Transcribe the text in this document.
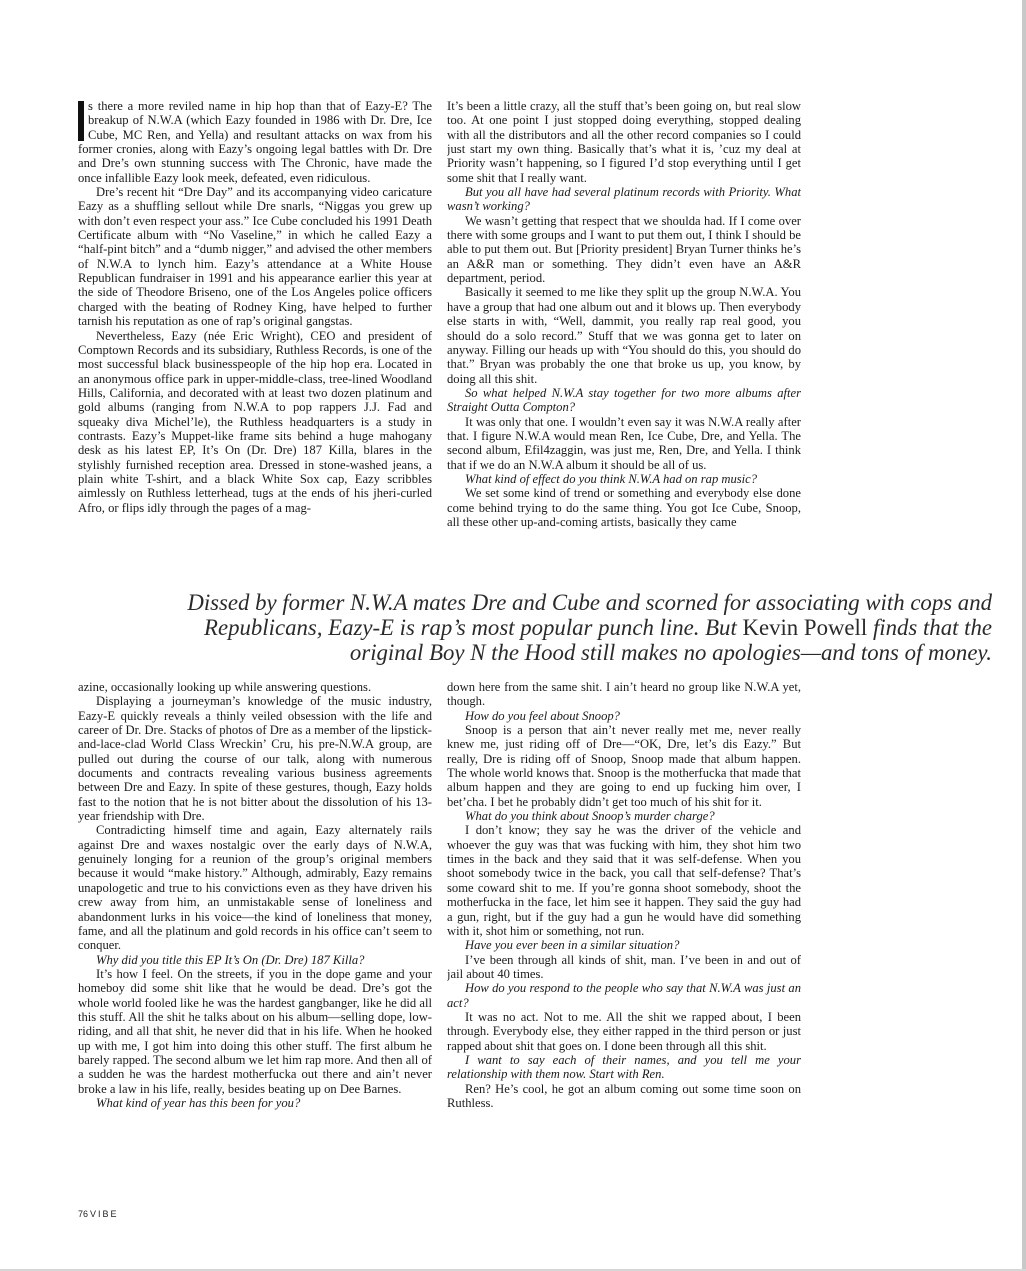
s there a more reviled name in hip hop than that of Eazy-E? The breakup of N.W.A (which Eazy founded in 1986 with Dr. Dre, Ice Cube, MC Ren, and Yella) and resultant attacks on wax from his former cronies, along with Eazy’s ongoing legal battles with Dr. Dre and Dre’s own stunning success with The Chronic, have made the once infallible Eazy look meek, defeated, even ridiculous.

Dre’s recent hit “Dre Day” and its accompanying video caricature Eazy as a shuffling sellout while Dre snarls, “Niggas you grew up with don’t even respect your ass.” Ice Cube concluded his 1991 Death Certificate album with “No Vaseline,” in which he called Eazy a “half-pint bitch” and a “dumb nigger,” and advised the other members of N.W.A to lynch him. Eazy’s attendance at a White House Republican fundraiser in 1991 and his appearance earlier this year at the side of Theodore Briseno, one of the Los Angeles police officers charged with the beating of Rodney King, have helped to further tarnish his reputation as one of rap’s original gangstas.

Nevertheless, Eazy (née Eric Wright), CEO and president of Comptown Records and its subsidiary, Ruthless Records, is one of the most successful black businesspeople of the hip hop era. Located in an anonymous office park in upper-middle-class, tree-lined Woodland Hills, California, and decorated with at least two dozen platinum and gold albums (ranging from N.W.A to pop rappers J.J. Fad and squeaky diva Michel’le), the Ruthless headquarters is a study in contrasts. Eazy’s Muppet-like frame sits behind a huge mahogany desk as his latest EP, It’s On (Dr. Dre) 187 Killa, blares in the stylishly furnished reception area. Dressed in stone-washed jeans, a plain white T-shirt, and a black White Sox cap, Eazy scribbles aimlessly on Ruthless letterhead, tugs at the ends of his jheri-curled Afro, or flips idly through the pages of a mag-

It’s been a little crazy, all the stuff that’s been going on, but real slow too. At one point I just stopped doing everything, stopped dealing with all the distributors and all the other record companies so I could just start my own thing. Basically that’s what it is, ’cuz my deal at Priority wasn’t happening, so I figured I’d stop everything until I get some shit that I really want.

But you all have had several platinum records with Priority. What wasn’t working?

We wasn’t getting that respect that we shoulda had. If I come over there with some groups and I want to put them out, I think I should be able to put them out. But [Priority president] Bryan Turner thinks he’s an A&R man or something. They didn’t even have an A&R department, period.

Basically it seemed to me like they split up the group N.W.A. You have a group that had one album out and it blows up. Then everybody else starts in with, “Well, dammit, you really rap real good, you should do a solo record.” Stuff that we was gonna get to later on anyway. Filling our heads up with “You should do this, you should do that.” Bryan was probably the one that broke us up, you know, by doing all this shit.

So what helped N.W.A stay together for two more albums after Straight Outta Compton?

It was only that one. I wouldn’t even say it was N.W.A really after that. I figure N.W.A would mean Ren, Ice Cube, Dre, and Yella. The second album, Efil4zaggin, was just me, Ren, Dre, and Yella. I think that if we do an N.W.A album it should be all of us.

What kind of effect do you think N.W.A had on rap music?

We set some kind of trend or something and everybody else done come behind trying to do the same thing. You got Ice Cube, Snoop, all these other up-and-coming artists, basically they came

Dissed by former N.W.A mates Dre and Cube and scorned for associating with cops and Republicans, Eazy-E is rap’s most popular punch line. But Kevin Powell finds that the original Boy N the Hood still makes no apologies—and tons of money.

azine, occasionally looking up while answering questions.

Displaying a journeyman’s knowledge of the music industry, Eazy-E quickly reveals a thinly veiled obsession with the life and career of Dr. Dre. Stacks of photos of Dre as a member of the lipstick-and-lace-clad World Class Wreckin’ Cru, his pre-N.W.A group, are pulled out during the course of our talk, along with numerous documents and contracts revealing various business agreements between Dre and Eazy. In spite of these gestures, though, Eazy holds fast to the notion that he is not bitter about the dissolution of his 13-year friendship with Dre.

Contradicting himself time and again, Eazy alternately rails against Dre and waxes nostalgic over the early days of N.W.A, genuinely longing for a reunion of the group’s original members because it would “make history.” Although, admirably, Eazy remains unapologetic and true to his convictions even as they have driven his crew away from him, an unmistakable sense of loneliness and abandonment lurks in his voice—the kind of loneliness that money, fame, and all the platinum and gold records in his office can’t seem to conquer.

Why did you title this EP It’s On (Dr. Dre) 187 Killa?

It’s how I feel. On the streets, if you in the dope game and your homeboy did some shit like that he would be dead. Dre’s got the whole world fooled like he was the hardest gangbanger, like he did all this stuff. All the shit he talks about on his album—selling dope, low-riding, and all that shit, he never did that in his life. When he hooked up with me, I got him into doing this other stuff. The first album he barely rapped. The second album we let him rap more. And then all of a sudden he was the hardest motherfucka out there and ain’t never broke a law in his life, really, besides beating up on Dee Barnes.

What kind of year has this been for you?

down here from the same shit. I ain’t heard no group like N.W.A yet, though.

How do you feel about Snoop?

Snoop is a person that ain’t never really met me, never really knew me, just riding off of Dre—“OK, Dre, let’s dis Eazy.” But really, Dre is riding off of Snoop, Snoop made that album happen. The whole world knows that. Snoop is the motherfucka that made that album happen and they are going to end up fucking him over, I bet’cha. I bet he probably didn’t get too much of his shit for it.

What do you think about Snoop’s murder charge?

I don’t know; they say he was the driver of the vehicle and whoever the guy was that was fucking with him, they shot him two times in the back and they said that it was self-defense. When you shoot somebody twice in the back, you call that self-defense? That’s some coward shit to me. If you’re gonna shoot somebody, shoot the motherfucka in the face, let him see it happen. They said the guy had a gun, right, but if the guy had a gun he would have did something with it, shot him or something, not run.

Have you ever been in a similar situation?

I’ve been through all kinds of shit, man. I’ve been in and out of jail about 40 times.

How do you respond to the people who say that N.W.A was just an act?

It was no act. Not to me. All the shit we rapped about, I been through. Everybody else, they either rapped in the third person or just rapped about shit that goes on. I done been through all this shit.

I want to say each of their names, and you tell me your relationship with them now. Start with Ren.

Ren? He’s cool, he got an album coming out some time soon on Ruthless.

76 VIBE
